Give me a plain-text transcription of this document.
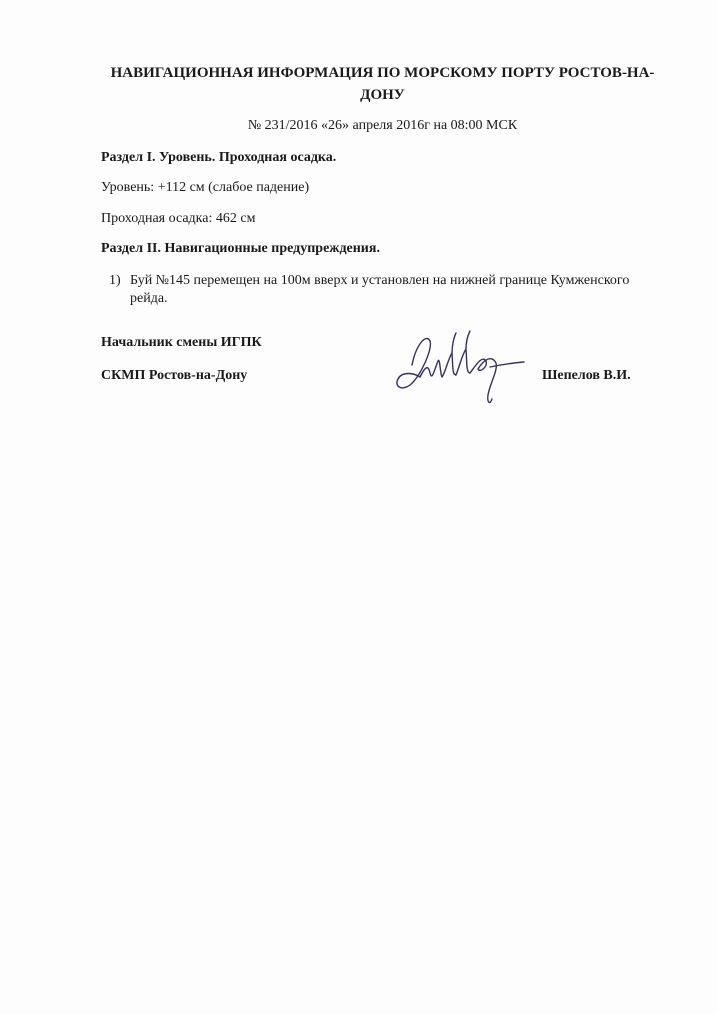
НАВИГАЦИОННАЯ ИНФОРМАЦИЯ ПО МОРСКОМУ ПОРТУ РОСТОВ-НА-ДОНУ
№ 231/2016 «26» апреля 2016г на 08:00 МСК
Раздел I. Уровень. Проходная осадка.
Уровень: +112 см (слабое падение)
Проходная осадка: 462 см
Раздел II. Навигационные предупреждения.
1) Буй №145 перемещен на 100м вверх и установлен на нижней границе Кумженского рейда.
Начальник смены ИГПК
СКМП Ростов-на-Дону	Шепелов В.И.
